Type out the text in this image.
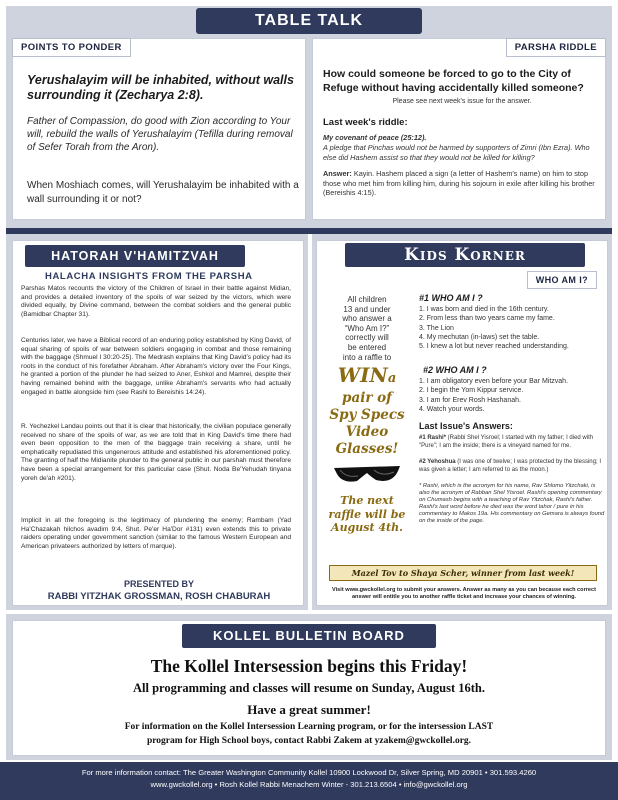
TABLE TALK
POINTS TO PONDER

Yerushalayim will be inhabited, without walls surrounding it (Zecharya 2:8).

Father of Compassion, do good with Zion according to Your will, rebuild the walls of Yerushalayim (Tefilla during removal of Sefer Torah from the Aron).

When Moshiach comes, will Yerushalayim be inhabited with a wall surrounding it or not?

PARSHA RIDDLE

How could someone be forced to go to the City of Refuge without having accidentally killed someone?

Please see next week's issue for the answer.

Last week's riddle:

My covenant of peace (25:12).

A pledge that Pinchas would not be harmed by supporters of Zimri (Ibn Ezra). Who else did Hashem assist so that they would not be killed for killing?

Answer: Kayin. Hashem placed a sign (a letter of Hashem's name) on him to stop those who met him from killing him, during his sojourn in exile after killing his brother (Bereishis 4:15).

HATORAH V'HAMITZVAH
HALACHA INSIGHTS FROM THE PARSHA

Parshas Matos recounts the victory of the Children of Israel in their battle against Midian, and provides a detailed inventory of the spoils of war seized by the victors, which were divided equally, by Divine command, between the combat soldiers and the general public (Bamidbar Chapter 31).

Centuries later, we have a Biblical record of an enduring policy established by King David, of equal sharing of spoils of war between soldiers engaging in combat and those remaining with the baggage (Shmuel I 30:20-25). The Medrash explains that King David's policy had its roots in the conduct of his forefather Abraham. After Abraham's victory over the Four Kings, he granted a portion of the plunder he had seized to Aner, Eshkol and Mamrei, despite their having remained behind with the baggage, unlike Abraham's servants who had actually engaged in battle alongside him (see Rashi to Bereishis 14:24).

R. Yechezkel Landau points out that it is clear that historically, the civilian populace generally received no share of the spoils of war, as we are told that in King David's time there had even been opposition to the men of the baggage train receiving a share, until he emphatically repudiated this ungenerous attitude and established his aforementioned policy. The granting of half the Midianite plunder to the general public in our parshah must therefore have been a special arrangement for this particular case (Shut. Noda Be'Yehudah tinyana yoreh de'ah #201).

Implicit in all the foregoing is the legitimacy of plundering the enemy; Rambam (Yad Ha'Chazakah hilchos avadim 9:4, Shut. Pe'er Ha'Dor #131) even extends this to private raiders operating under government sanction (similar to the famous Western European and American privateers authorized by letters of marque).

PRESENTED BY
RABBI YITZHAK GROSSMAN, ROSH CHABURAH
Kids Korner
WHO AM I?
All children
13 and under
who answer a
“Who Am I?”
correctly will
be entered
into a raffle to
WINa
pair of
Spy Specs
Video
Glasses!
The next
raffle will be
August 4th.
#1 WHO AM I ?
1. I was born and died in the 16th century.
2. From less than two years came my fame.
3. The Lion
4. My mechutan (in-laws) set the table.
5. I knew a lot but never reached understanding.
#2 WHO AM I ?
1. I am obligatory even before your Bar Mitzvah.
2. I begin the Yom Kippur service.
3. I am for Erev Rosh Hashanah.
4. Watch your words.
Last Issue's Answers:

#1 Rashi* (Rabbi Shel Yisroel; I started with my father; I died with "Pure"; I am the inside; there is a vineyard named for me.

#2 Yehoshua (I was one of twelve; I was protected by the blessing; I was given a letter; I am referred to as the moon.)

* Rashi, which is the acronym for his name, Rav Shlomo Yitzchaki, is also the acronym of Rabban Shel Yisroel. Rashi's opening commentary on Chumash begins with a teaching of Rav Yitzchak, Rashi's father. Rashi's last word before he died was the word tahor / pure in his commentary to Makos 19a. His commentary on Gemara is always found on the inside of the page.

Mazel Tov to Shaya Scher, winner from last week!

Visit www.gwckollel.org to submit your answers. Answer as many as you can because each correct answer will entitle you to another raffle ticket and increase your chances of winning.

KOLLEL BULLETIN BOARD
The Kollel Intersession begins this Friday!
All programming and classes will resume on Sunday, August 16th.
Have a great summer!
For information on the Kollel Intersession Learning program, or for the intersession LAST
program for High School boys, contact Rabbi Zakem at yzakem@gwckollel.org.
For more information contact: The Greater Washington Community Kollel 10900 Lockwood Dr, Silver Spring, MD 20901 • 301.593.4260
www.gwckollel.org • Rosh Kollel Rabbi Menachem Winter - 301.213.6504 • info@gwckollel.org
